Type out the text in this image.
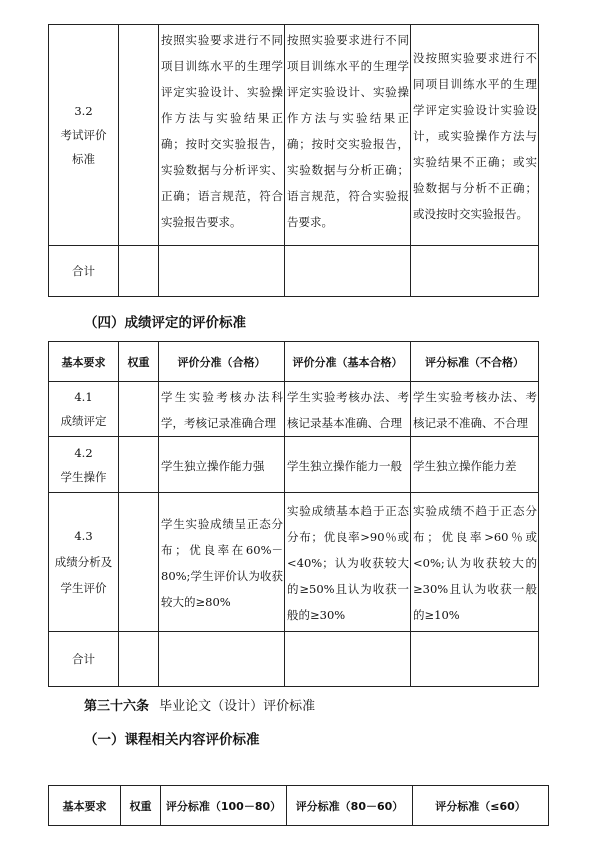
3.2
考试评价标准		按照实验要求进行不同项目训练水平的生理学评定实验设计、实验操作方法与实验结果正确；按时交实验报告，实验数据与分析评实、正确；语言规范，符合实验报告要求。	按照实验要求进行不同项目训练水平的生理学评定实验设计、实验操作方法与实验结果正确；按时交实验报告，实验数据与分析正确；语言规范，符合实验报告要求。	没按照实验要求进行不同项目训练水平的生理学评定实验设计实验设计，或实验操作方法与实验结果不正确；或实验数据与分析不正确；或没按时交实验报告。
合计				
（四）成绩评定的评价标准
基本要求	权重	评价分准（合格）	评价分准（基本合格）	评分标准（不合格）

4.1
成绩评定		学生实验考核办法科学，考核记录准确合理	学生实验考核办法、考核记录基本准确、合理	学生实验考核办法、考核记录不准确、不合理

4.2
学生操作		学生独立操作能力强	学生独立操作能力一般	学生独立操作能力差

4.3
成绩分析及学生评价		学生实验成绩呈正态分布；优良率在60%－80%;学生评价认为收获较大的≥80%	实验成绩基本趋于正态分布；优良率>90％或<40%；认为收获较大的≥50%且认为收获一般的≥30%	实验成绩不趋于正态分布；优良率>60％或<0%;认为收获较大的≥30%且认为收获一般的≥10%
合计				
第三十六条 毕业论文（设计）评价标准
（一）课程相关内容评价标准
基本要求	权重	评分标准（100－80）	评分标准（80－60）	评分标准（≤60）
